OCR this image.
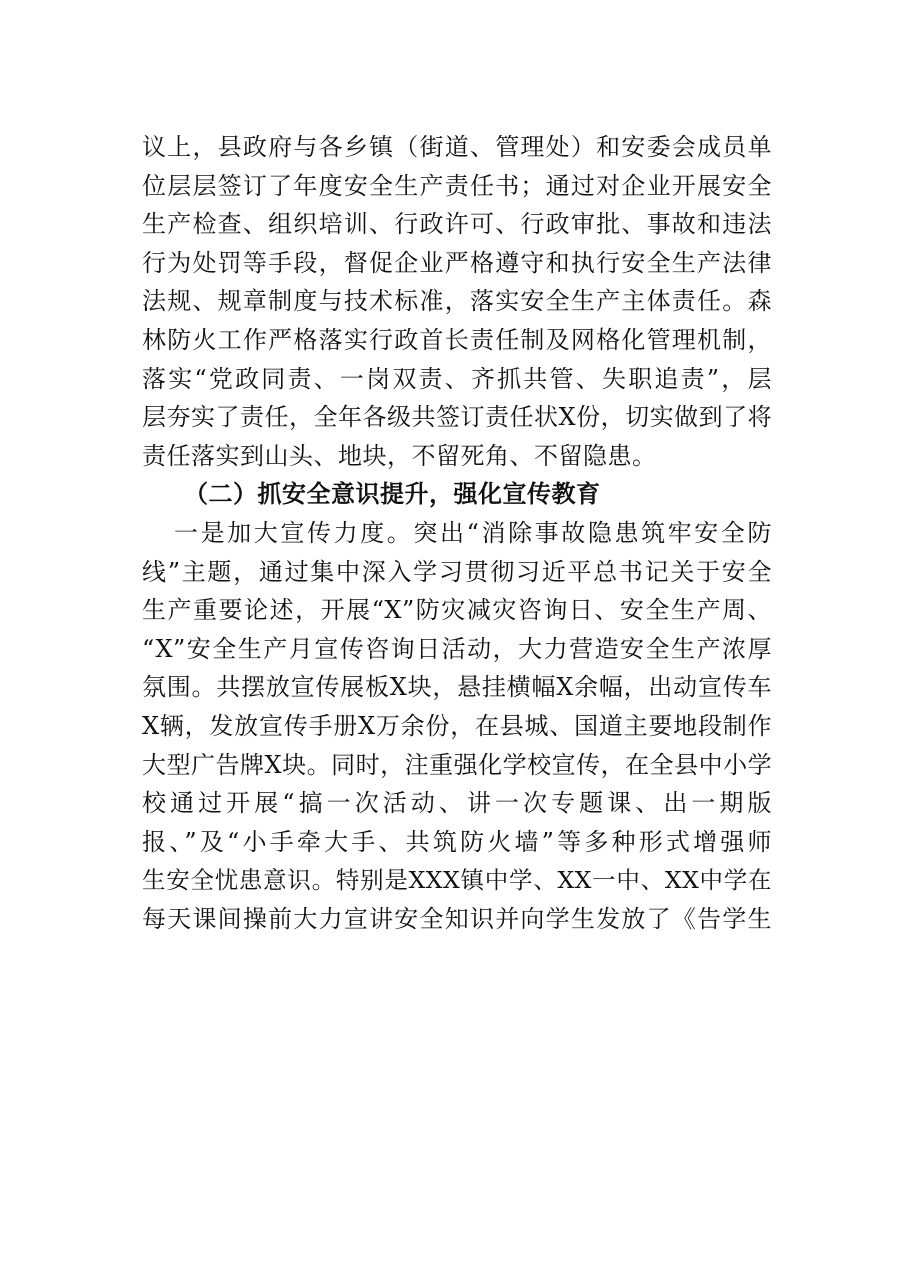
议上，县政府与各乡镇（街道、管理处）和安委会成员单
位层层签订了年度安全生产责任书；通过对企业开展安全
生产检查、组织培训、行政许可、行政审批、事故和违法
行为处罚等手段，督促企业严格遵守和执行安全生产法律
法规、规章制度与技术标准，落实安全生产主体责任。森
林防火工作严格落实行政首长责任制及网格化管理机制，
落实“党政同责、一岗双责、齐抓共管、失职追责”，层
层夯实了责任，全年各级共签订责任状X份，切实做到了将
责任落实到山头、地块，不留死角、不留隐患。
（二）抓安全意识提升，强化宣传教育
一是加大宣传力度。突出“消除事故隐患筑牢安全防
线”主题，通过集中深入学习贯彻习近平总书记关于安全
生产重要论述，开展“X”防灾减灾咨询日、安全生产周、
“X”安全生产月宣传咨询日活动，大力营造安全生产浓厚
氛围。共摆放宣传展板X块，悬挂横幅X余幅，出动宣传车
X辆，发放宣传手册X万余份，在县城、国道主要地段制作
大型广告牌X块。同时，注重强化学校宣传，在全县中小学
校通过开展“搞一次活动、讲一次专题课、出一期版
报、”及“小手牵大手、共筑防火墙”等多种形式增强师
生安全忧患意识。特别是XXX镇中学、XX一中、XX中学在
每天课间操前大力宣讲安全知识并向学生发放了《告学生
